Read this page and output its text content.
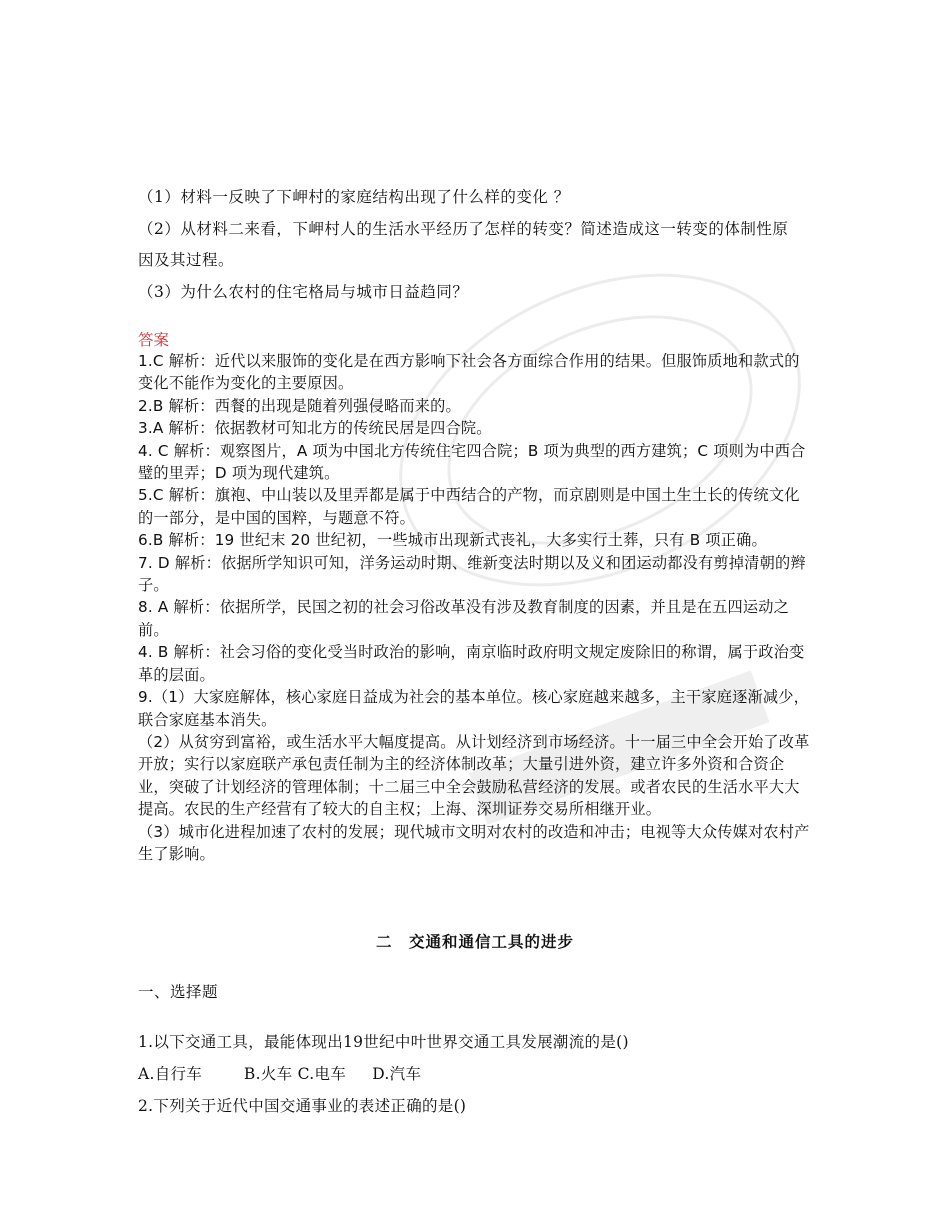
（1）材料一反映了下岬村的家庭结构出现了什么样的变化 ？
（2）从材料二来看，下岬村人的生活水平经历了怎样的转变？简述造成这一转变的体制性原
因及其过程。
（3）为什么农村的住宅格局与城市日益趋同？
答案

1.C 解析：近代以来服饰的变化是在西方影响下社会各方面综合作用的结果。但服饰质地和款式的变化不能作为变化的主要原因。

2.B 解析：西餐的出现是随着列强侵略而来的。

3.A 解析：依据教材可知北方的传统民居是四合院。

4. C 解析：观察图片，A 项为中国北方传统住宅四合院；B 项为典型的西方建筑；C 项则为中西合璧的里弄；D 项为现代建筑。

5.C 解析：旗袍、中山装以及里弄都是属于中西结合的产物，而京剧则是中国土生土长的传统文化的一部分，是中国的国粹，与题意不符。

6.B 解析：19 世纪末 20 世纪初，一些城市出现新式丧礼，大多实行土葬，只有 B 项正确。

7. D 解析：依据所学知识可知，洋务运动时期、维新变法时期以及义和团运动都没有剪掉清朝的辫子。

8. A 解析：依据所学，民国之初的社会习俗改革没有涉及教育制度的因素，并且是在五四运动之前。

4. B 解析：社会习俗的变化受当时政治的影响，南京临时政府明文规定废除旧的称谓，属于政治变革的层面。

9.（1）大家庭解体，核心家庭日益成为社会的基本单位。核心家庭越来越多，主干家庭逐渐减少，联合家庭基本消失。

（2）从贫穷到富裕，或生活水平大幅度提高。从计划经济到市场经济。十一届三中全会开始了改革开放；实行以家庭联产承包责任制为主的经济体制改革；大量引进外资，建立许多外资和合资企业，突破了计划经济的管理体制；十二届三中全会鼓励私营经济的发展。或者农民的生活水平大大提高。农民的生产经营有了较大的自主权；上海、深圳证券交易所相继开业。

（3）城市化进程加速了农村的发展；现代城市文明对农村的改造和冲击；电视等大众传媒对农村产生了影响。

二　交通和通信工具的进步
一、选择题
1.以下交通工具，最能体现出19世纪中叶世界交通工具发展潮流的是()
A.自行车        B.火车 C.电车     D.汽车
2.下列关于近代中国交通事业的表述正确的是()
